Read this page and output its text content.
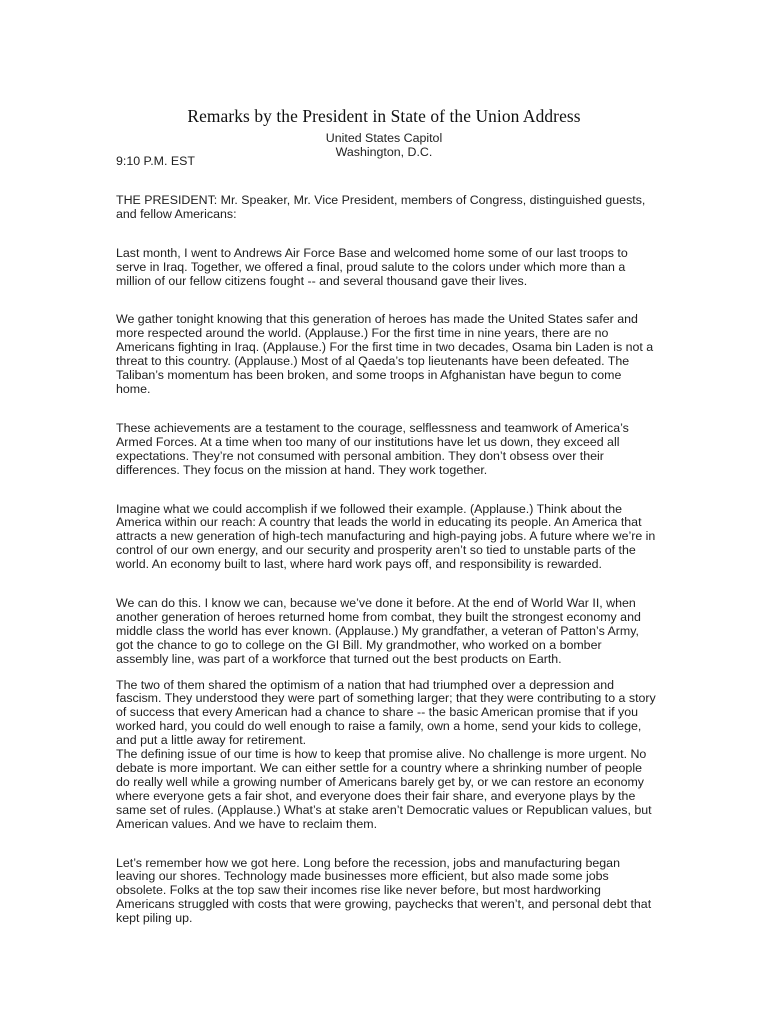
Remarks by the President in State of the Union Address
United States Capitol
Washington, D.C.

9:10 P.M. EST

THE PRESIDENT: Mr. Speaker, Mr. Vice President, members of Congress, distinguished guests, and fellow Americans:

Last month, I went to Andrews Air Force Base and welcomed home some of our last troops to serve in Iraq. Together, we offered a final, proud salute to the colors under which more than a million of our fellow citizens fought -- and several thousand gave their lives.

We gather tonight knowing that this generation of heroes has made the United States safer and more respected around the world. (Applause.) For the first time in nine years, there are no Americans fighting in Iraq. (Applause.) For the first time in two decades, Osama bin Laden is not a threat to this country. (Applause.) Most of al Qaeda’s top lieutenants have been defeated. The Taliban’s momentum has been broken, and some troops in Afghanistan have begun to come home.

These achievements are a testament to the courage, selflessness and teamwork of America’s Armed Forces. At a time when too many of our institutions have let us down, they exceed all expectations. They’re not consumed with personal ambition. They don’t obsess over their differences. They focus on the mission at hand. They work together.

Imagine what we could accomplish if we followed their example. (Applause.) Think about the America within our reach: A country that leads the world in educating its people. An America that attracts a new generation of high-tech manufacturing and high-paying jobs. A future where we’re in control of our own energy, and our security and prosperity aren’t so tied to unstable parts of the world. An economy built to last, where hard work pays off, and responsibility is rewarded.

We can do this. I know we can, because we’ve done it before. At the end of World War II, when another generation of heroes returned home from combat, they built the strongest economy and middle class the world has ever known. (Applause.) My grandfather, a veteran of Patton’s Army, got the chance to go to college on the GI Bill. My grandmother, who worked on a bomber assembly line, was part of a workforce that turned out the best products on Earth.

The two of them shared the optimism of a nation that had triumphed over a depression and fascism. They understood they were part of something larger; that they were contributing to a story of success that every American had a chance to share -- the basic American promise that if you worked hard, you could do well enough to raise a family, own a home, send your kids to college, and put a little away for retirement.

The defining issue of our time is how to keep that promise alive. No challenge is more urgent. No debate is more important. We can either settle for a country where a shrinking number of people do really well while a growing number of Americans barely get by, or we can restore an economy where everyone gets a fair shot, and everyone does their fair share, and everyone plays by the same set of rules. (Applause.) What’s at stake aren’t Democratic values or Republican values, but American values. And we have to reclaim them.

Let’s remember how we got here. Long before the recession, jobs and manufacturing began leaving our shores. Technology made businesses more efficient, but also made some jobs obsolete. Folks at the top saw their incomes rise like never before, but most hardworking Americans struggled with costs that were growing, paychecks that weren’t, and personal debt that kept piling up.
